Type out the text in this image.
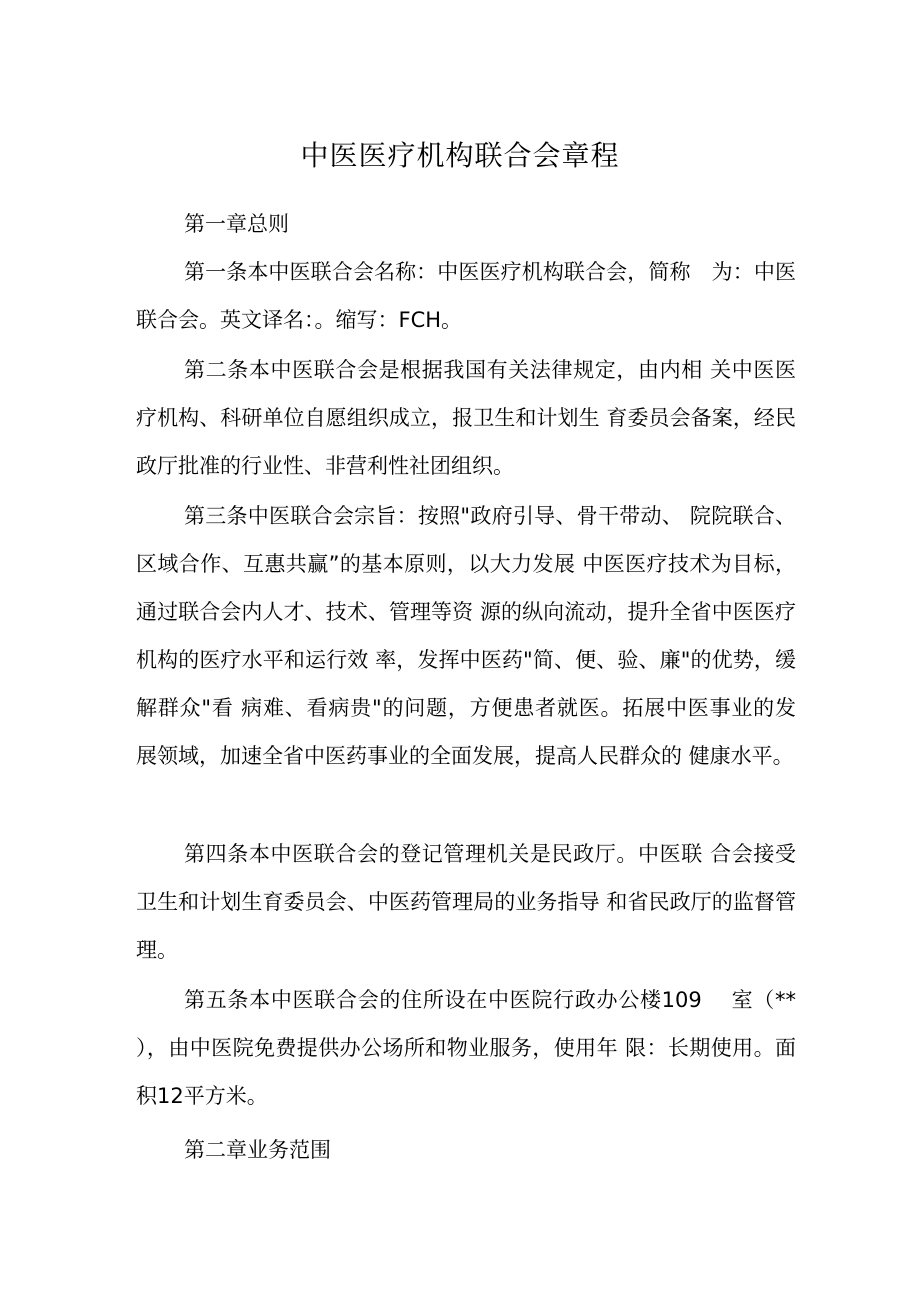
中医医疗机构联合会章程

第一章总则

第一条本中医联合会名称：中医医疗机构联合会，简称　为：中医联合会。英文译名：。缩写：FCH。

第二条本中医联合会是根据我国有关法律规定，由内相 关中医医疗机构、科研单位自愿组织成立，报卫生和计划生 育委员会备案，经民政厅批准的行业性、非营利性社团组织。

第三条中医联合会宗旨：按照"政府引导、骨干带动、 院院联合、区域合作、互惠共赢”的基本原则，以大力发展 中医医疗技术为目标，通过联合会内人才、技术、管理等资 源的纵向流动，提升全省中医医疗机构的医疗水平和运行效 率，发挥中医药"简、便、验、廉"的优势，缓解群众"看 病难、看病贵"的问题，方便患者就医。拓展中医事业的发 展领域，加速全省中医药事业的全面发展，提高人民群众的 健康水平。

第四条本中医联合会的登记管理机关是民政厅。中医联 合会接受卫生和计划生育委员会、中医药管理局的业务指导 和省民政厅的监督管理。

第五条本中医联合会的住所设在中医院行政办公楼109　 室（** ），由中医院免费提供办公场所和物业服务，使用年 限：长期使用。面积12平方米。

第二章业务范围
